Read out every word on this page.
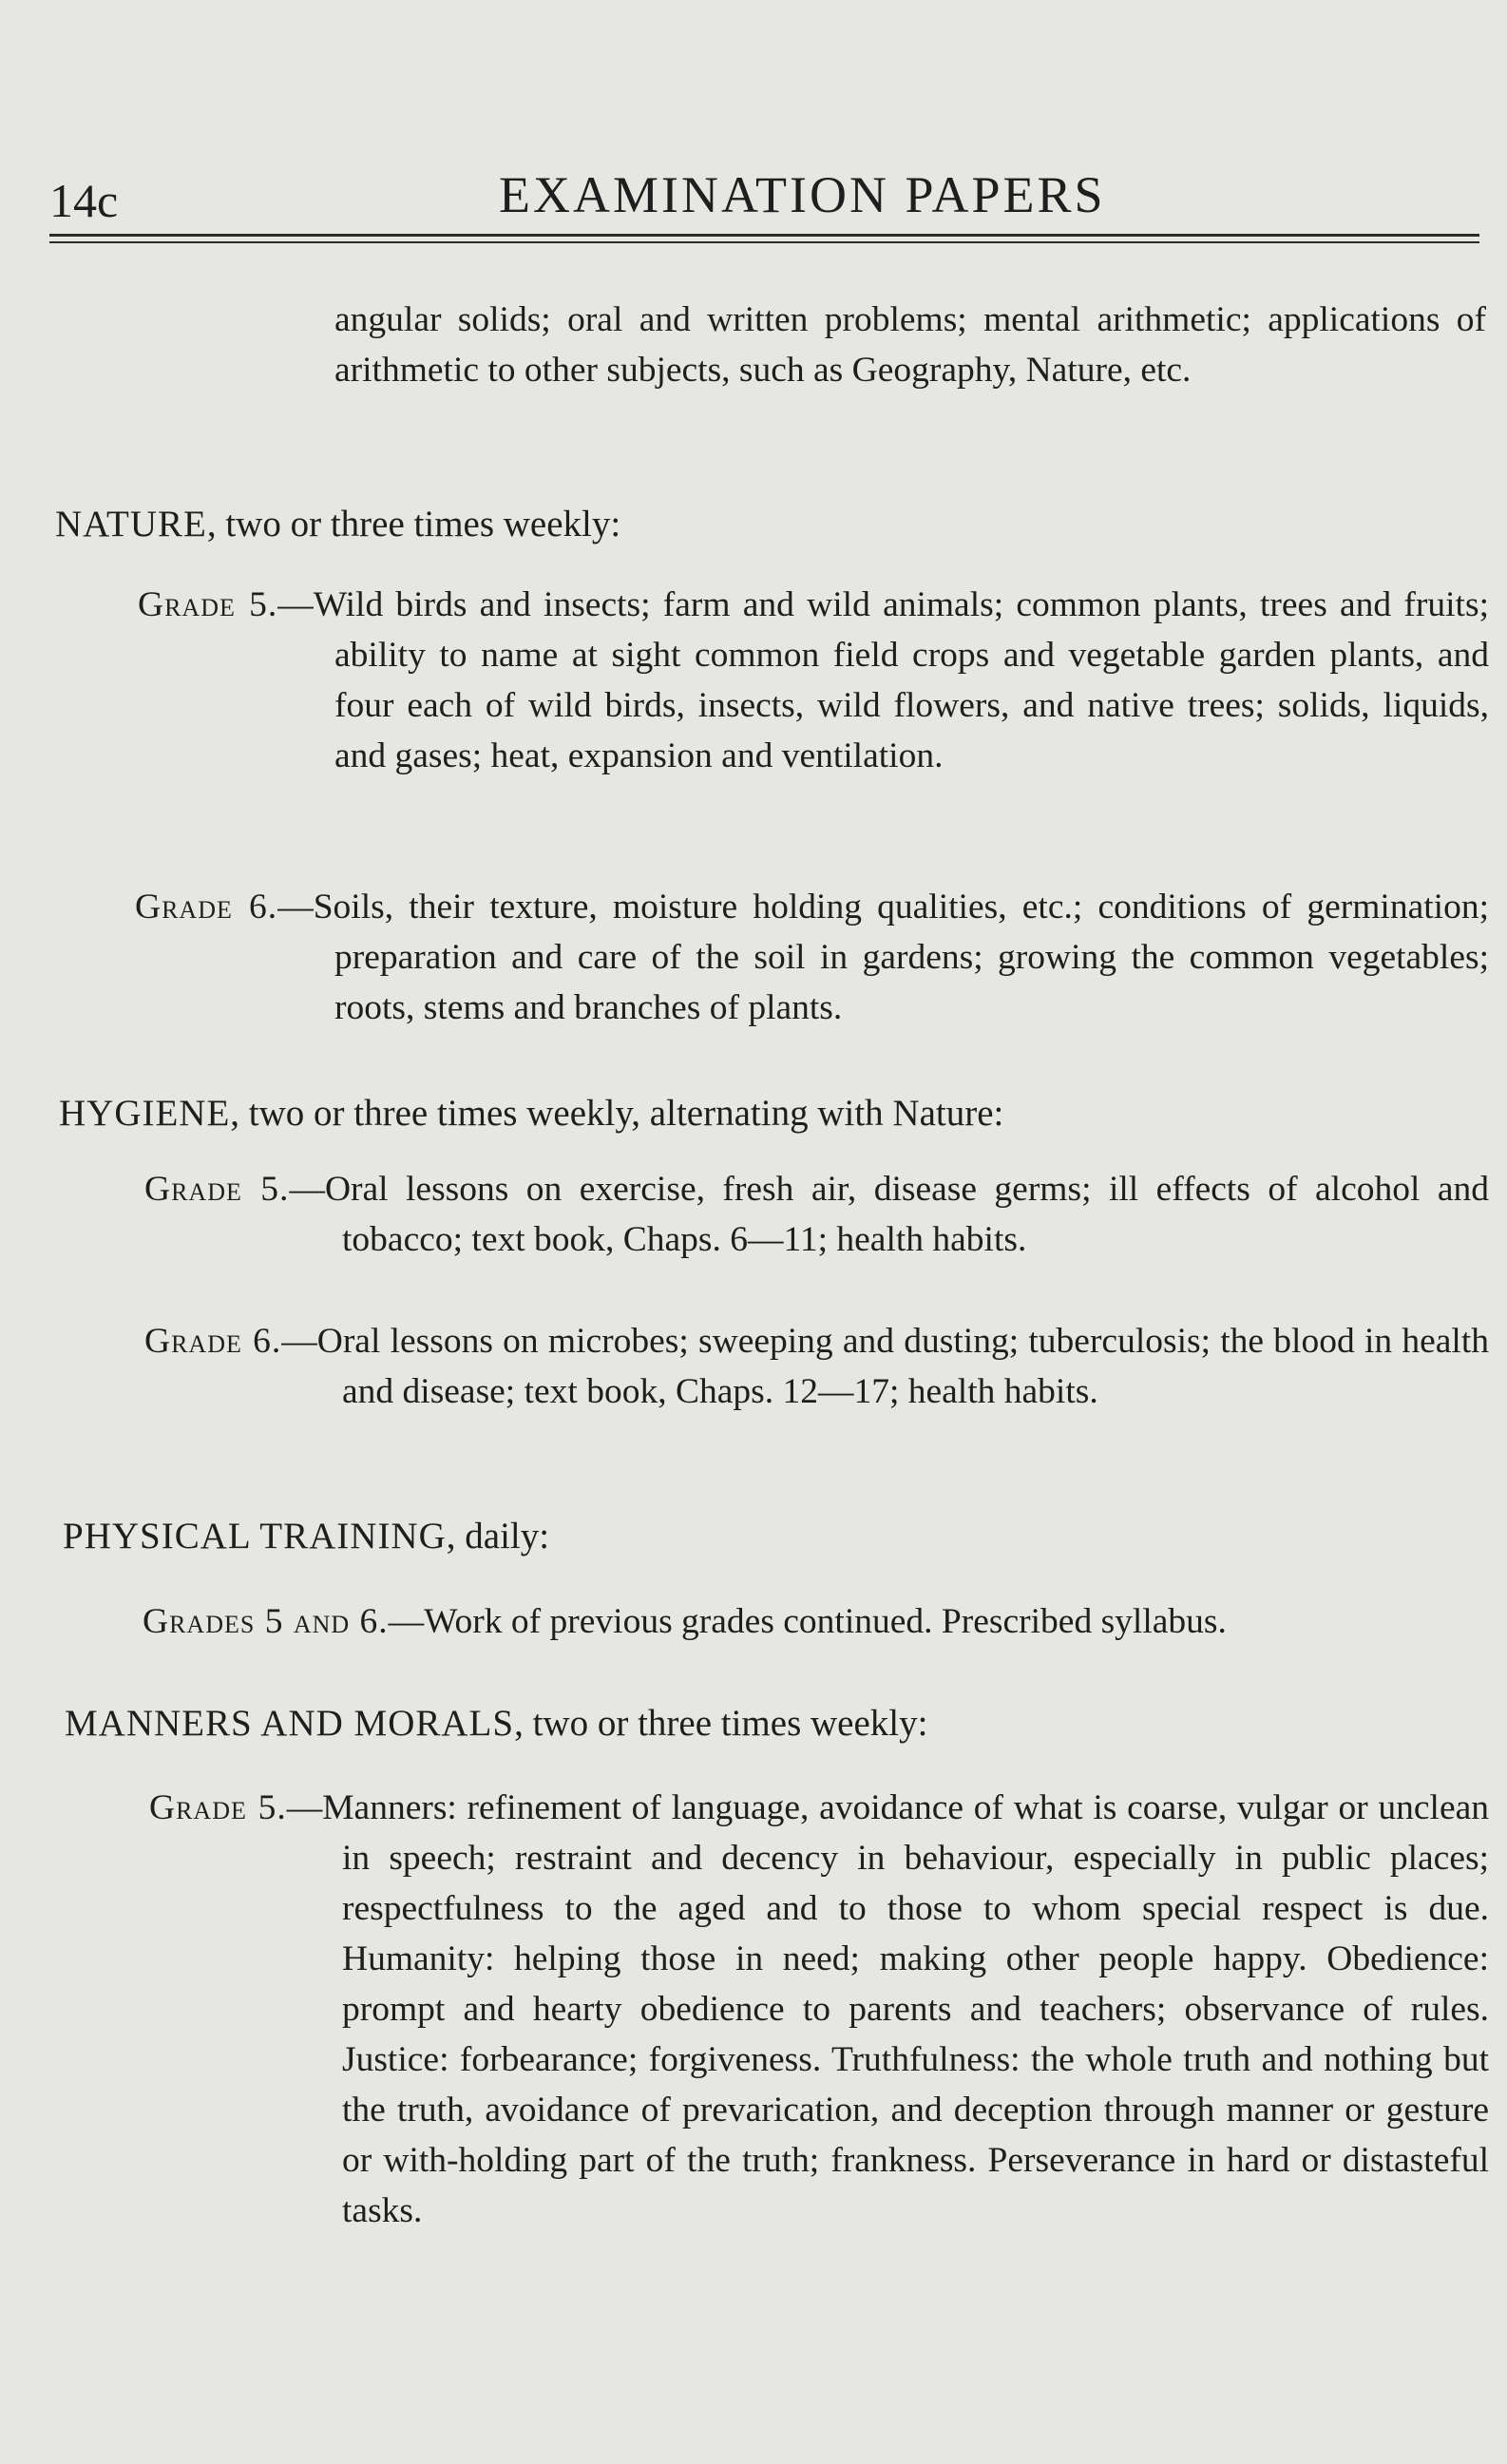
14c	EXAMINATION PAPERS

angular solids; oral and written problems; mental arithmetic; applications of arithmetic to other subjects, such as Geography, Nature, etc.

NATURE, two or three times weekly:

Grade 5.—Wild birds and insects; farm and wild animals; common plants, trees and fruits; ability to name at sight common field crops and vegetable garden plants, and four each of wild birds, insects, wild flowers, and native trees; solids, liquids, and gases; heat, expansion and ventilation.

Grade 6.—Soils, their texture, moisture holding qualities, etc.; conditions of germination; preparation and care of the soil in gardens; growing the common vegetables; roots, stems and branches of plants.

HYGIENE, two or three times weekly, alternating with Nature:

Grade 5.—Oral lessons on exercise, fresh air, disease germs; ill effects of alcohol and tobacco; text book, Chaps. 6—11; health habits.

Grade 6.—Oral lessons on microbes; sweeping and dusting; tuberculosis; the blood in health and disease; text book, Chaps. 12—17; health habits.

PHYSICAL TRAINING, daily:

Grades 5 and 6.—Work of previous grades continued. Prescribed syllabus.

MANNERS AND MORALS, two or three times weekly:

Grade 5.—Manners: refinement of language, avoidance of what is coarse, vulgar or unclean in speech; restraint and decency in behaviour, especially in public places; respectfulness to the aged and to those to whom special respect is due. Humanity: helping those in need; making other people happy. Obedience: prompt and hearty obedience to parents and teachers; observance of rules. Justice: forbearance; forgiveness. Truthfulness: the whole truth and nothing but the truth, avoidance of prevarication, and deception through manner or gesture or with-holding part of the truth; frankness. Perseverance in hard or distasteful tasks.
